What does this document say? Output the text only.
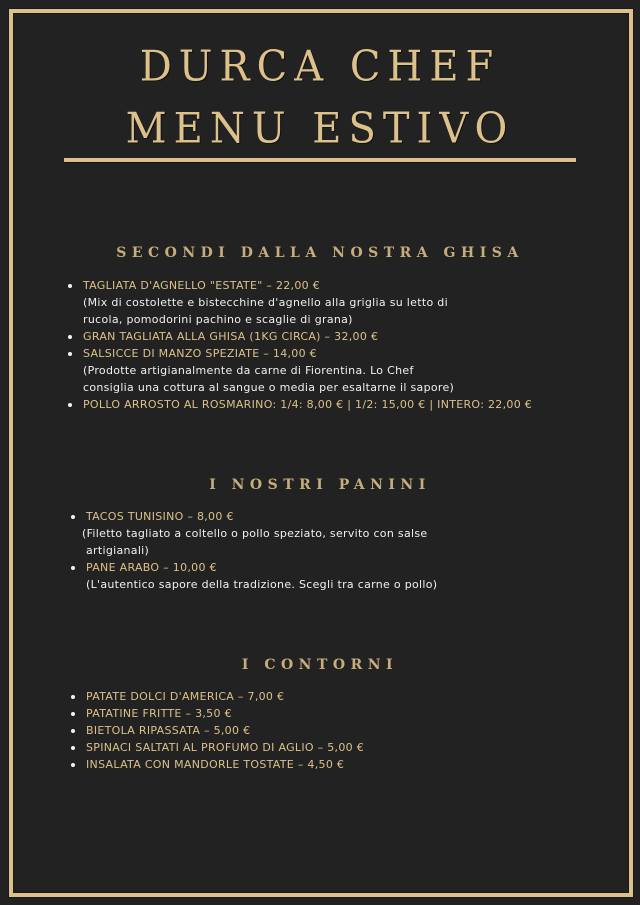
DURCA CHEF
MENU ESTIVO
SECONDI DALLA NOSTRA GHISA
TAGLIATA D'AGNELLO "ESTATE" – 22,00 €
(Mix di costolette e bistecchine d'agnello alla griglia su letto di
rucola, pomodorini pachino e scaglie di grana)
GRAN TAGLIATA ALLA GHISA (1KG CIRCA) – 32,00 €
SALSICCE DI MANZO SPEZIATE – 14,00 €
(Prodotte artigianalmente da carne di Fiorentina. Lo Chef
consiglia una cottura al sangue o media per esaltarne il sapore)
POLLO ARROSTO AL ROSMARINO: 1/4: 8,00 € | 1/2: 15,00 € | INTERO: 22,00 €
I NOSTRI PANINI
TACOS TUNISINO – 8,00 €
(Filetto tagliato a coltello o pollo speziato, servito con salse
artigianali)
PANE ARABO – 10,00 €
(L'autentico sapore della tradizione. Scegli tra carne o pollo)
I CONTORNI
PATATE DOLCI D'AMERICA – 7,00 €
PATATINE FRITTE – 3,50 €
BIETOLA RIPASSATA – 5,00 €
SPINACI SALTATI AL PROFUMO DI AGLIO – 5,00 €
INSALATA CON MANDORLE TOSTATE – 4,50 €
